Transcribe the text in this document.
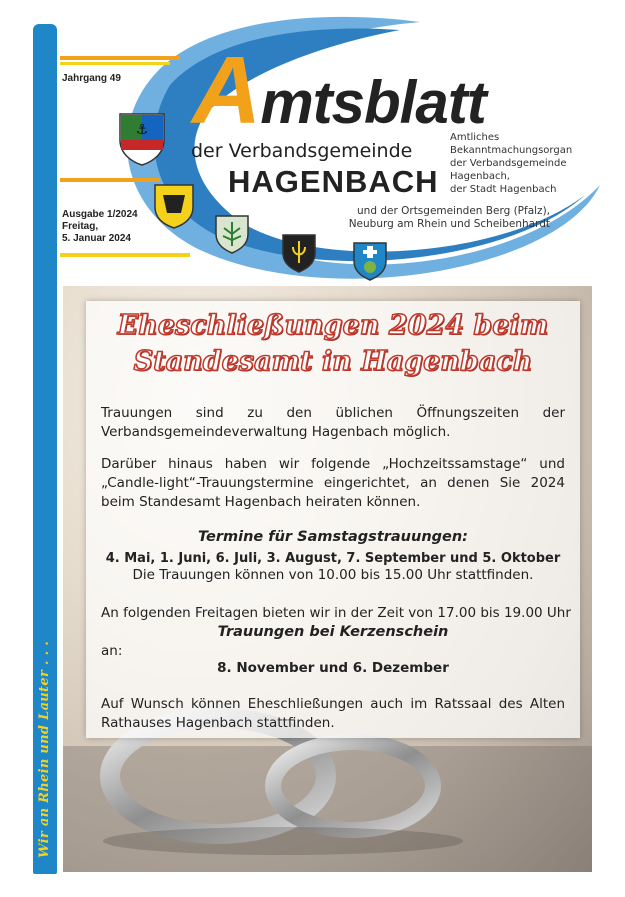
Wir an Rhein und Lauter . . .
Jahrgang 49
Ausgabe 1/2024
Freitag,
5. Januar 2024
Amtsblatt
der Verbandsgemeinde
HAGENBACH
Amtliches
Bekanntmachungsorgan
der Verbandsgemeinde
Hagenbach,
der Stadt Hagenbach
und der Ortsgemeinden Berg (Pfalz),
Neuburg am Rhein und Scheibenhardt
⚓
Eheschließungen 2024 beim
Standesamt in Hagenbach
Trauungen sind zu den üblichen Öffnungszeiten der Verbandsgemeindeverwaltung Hagenbach möglich.
Darüber hinaus haben wir folgende „Hochzeitssamstage“ und „Candle-light“-Trauungstermine eingerichtet, an denen Sie 2024 beim Standesamt Hagenbach heiraten können.
Termine für Samstagstrauungen:
4. Mai, 1. Juni, 6. Juli, 3. August, 7. September und 5. Oktober
Die Trauungen können von 10.00 bis 15.00 Uhr stattfinden.
An folgenden Freitagen bieten wir in der Zeit von 17.00 bis 19.00 Uhr
Trauungen bei Kerzenschein
an:
8. November und 6. Dezember
Auf Wunsch können Eheschließungen auch im Ratssaal des Alten Rathauses Hagenbach stattfinden.
